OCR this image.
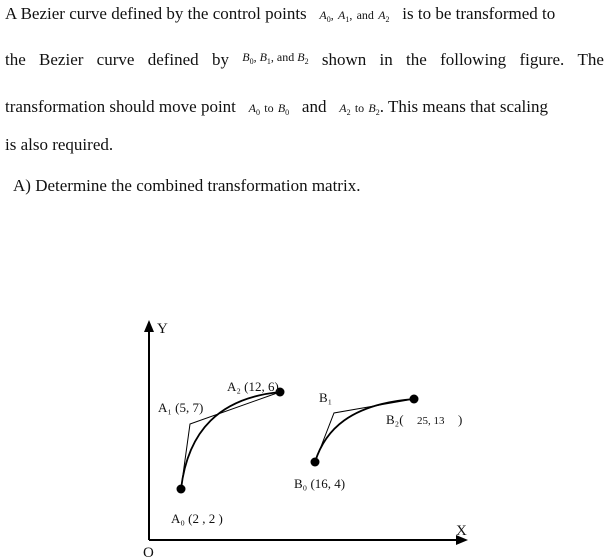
A Bezier curve defined by the control points $A_0$, $A_1$, and $A_2$ is to be transformed to
the Bezier curve defined by B0, B1, and B2 shown in the following figure. The
transformation should move point $A_0$ to $B_0$ and $A_2$ to $B_2$. This means that scaling
is also required.
A) Determine the combined transformation matrix.
Y
X
O
A₀ (2 , 2 )
A₁ (5, 7)
A₂ (12, 6)
B₀ (16, 4)
B₁
B₂( 25, 13 )
